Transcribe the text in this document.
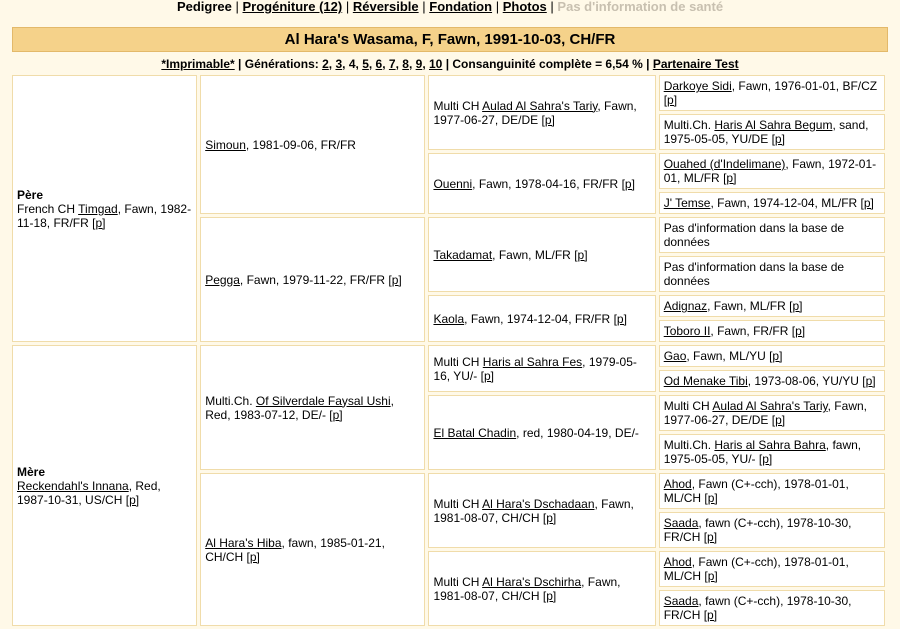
Pedigree | Progéniture (12) | Réversible | Fondation | Photos | Pas d'information de santé
Al Hara's Wasama, F, Fawn, 1991-10-03, CH/FR
*Imprimable* | Générations: 2, 3, 4, 5, 6, 7, 8, 9, 10 | Consanguinité complète = 6,54 % | Partenaire Test
Père
French CH Timgad, Fawn, 1982-11-18, FR/FR [p]	Simoun, 1981-09-06, FR/FR	Multi CH Aulad Al Sahra's Tariy, Fawn, 1977-06-27, DE/DE [p]	Darkoye Sidi, Fawn, 1976-01-01, BF/CZ [p]
			Multi.Ch. Haris Al Sahra Begum, sand, 1975-05-05, YU/DE [p]
		Ouenni, Fawn, 1978-04-16, FR/FR [p]	Ouahed (d'Indelimane), Fawn, 1972-01-01, ML/FR [p]
			J' Temse, Fawn, 1974-12-04, ML/FR [p]
	Pegga, Fawn, 1979-11-22, FR/FR [p]	Takadamat, Fawn, ML/FR [p]	Pas d'information dans la base de données
			Pas d'information dans la base de données
		Kaola, Fawn, 1974-12-04, FR/FR [p]	Adignaz, Fawn, ML/FR [p]
			Toboro II, Fawn, FR/FR [p]

Mère
Reckendahl's Innana, Red, 1987-10-31, US/CH [p]	Multi.Ch. Of Silverdale Faysal Ushi, Red, 1983-07-12, DE/- [p]	Multi CH Haris al Sahra Fes, 1979-05-16, YU/- [p]	Gao, Fawn, ML/YU [p]
			Od Menake Tibi, 1973-08-06, YU/YU [p]
		El Batal Chadin, red, 1980-04-19, DE/-	Multi CH Aulad Al Sahra's Tariy, Fawn, 1977-06-27, DE/DE [p]
			Multi.Ch. Haris al Sahra Bahra, fawn, 1975-05-05, YU/- [p]
	Al Hara's Hiba, fawn, 1985-01-21, CH/CH [p]	Multi CH Al Hara's Dschadaan, Fawn, 1981-08-07, CH/CH [p]	Ahod, Fawn (C+-cch), 1978-01-01, ML/CH [p]
			Saada, fawn (C+-cch), 1978-10-30, FR/CH [p]
		Multi CH Al Hara's Dschirha, Fawn, 1981-08-07, CH/CH [p]	Ahod, Fawn (C+-cch), 1978-01-01, ML/CH [p]
			Saada, fawn (C+-cch), 1978-10-30, FR/CH [p]
